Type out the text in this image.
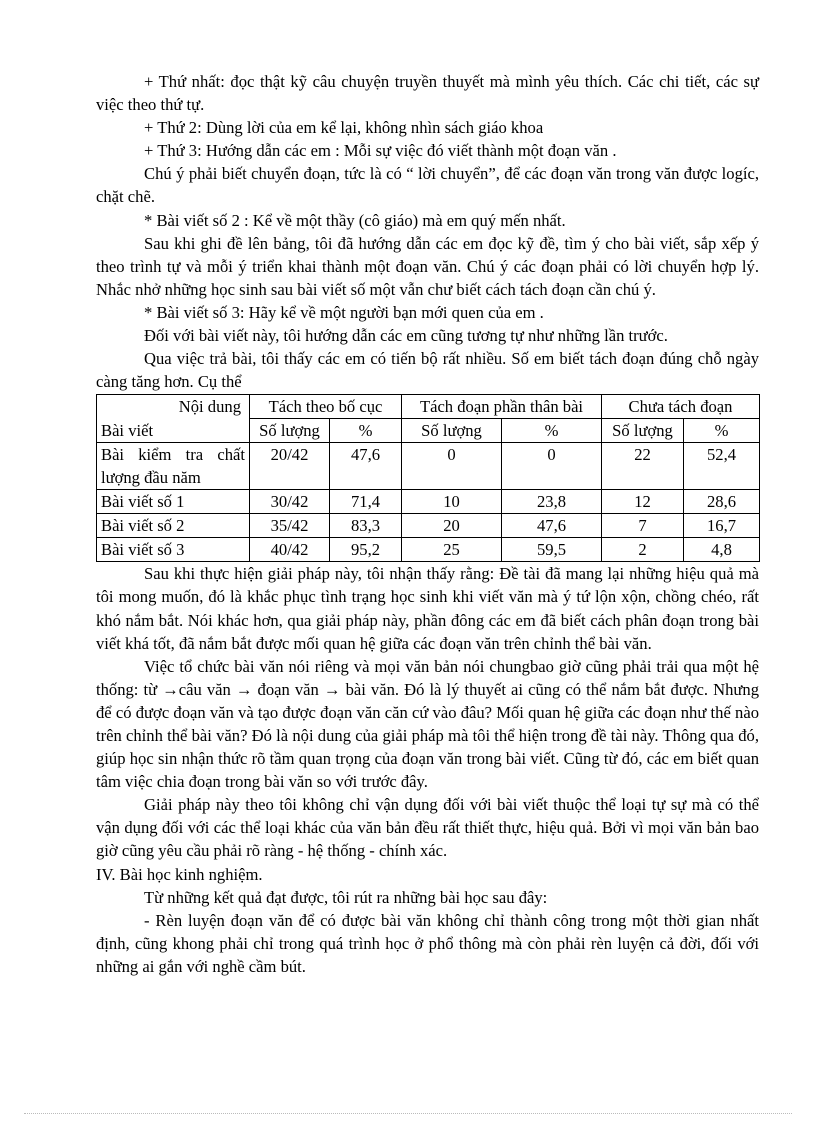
+ Thứ nhất: đọc thật kỹ câu chuyện truyền thuyết mà mình yêu thích. Các chi tiết, các sự việc theo thứ tự.

+ Thứ 2: Dùng lời của em kể lại, không nhìn sách giáo khoa

+ Thứ 3: Hướng dẫn các em : Mỗi sự việc đó viết thành một đoạn văn .

Chú ý phải biết chuyển đoạn, tức là có “ lời chuyển”, để các đoạn văn trong văn được logíc, chặt chẽ.

* Bài viết số 2 : Kể về một thầy (cô giáo) mà em quý mến nhất.

Sau khi ghi đề lên bảng, tôi đã hướng dẫn các em đọc kỹ đề, tìm ý cho bài viết, sắp xếp ý theo trình tự và mỗi ý triển khai thành một đoạn văn. Chú ý các đoạn phải có lời chuyển hợp lý. Nhắc nhở những học sinh sau bài viết số một vẫn chư biết cách tách đoạn cần chú ý.

* Bài viết số 3: Hãy kể về một người bạn mới quen của em .

Đối với bài viết này, tôi hướng dẫn các em cũng tương tự như những lần trước.

Qua việc trả bài, tôi thấy các em có tiến bộ rất nhiều. Số em biết tách đoạn đúng chỗ ngày càng tăng hơn. Cụ thể

Nội dung
Bài viết	Tách theo bố cục		Tách đoạn phần thân bài		Chưa tách đoạn	
	Số lượng	%	Số lượng	%	Số lượng	%
Bài kiểm tra chất lượng đầu năm	20/42	47,6	0	0	22	52,4
Bài viết số 1	30/42	71,4	10	23,8	12	28,6
Bài viết số 2	35/42	83,3	20	47,6	7	16,7
Bài viết số 3	40/42	95,2	25	59,5	2	4,8

Sau khi thực hiện giải pháp này, tôi nhận thấy rằng: Đề tài đã mang lại những hiệu quả mà tôi mong muốn, đó là khắc phục tình trạng học sinh khi viết văn mà ý tứ lộn xộn, chồng chéo, rất khó nắm bắt. Nói khác hơn, qua giải pháp này, phần đông các em đã biết cách phân đoạn trong bài viết khá tốt, đã nắm bắt được mối quan hệ giữa các đoạn văn trên chỉnh thể bài văn.

Việc tổ chức bài văn nói riêng và mọi văn bản nói chungbao giờ cũng phải trải qua một hệ thống: từ →câu văn → đoạn văn → bài văn. Đó là lý thuyết ai cũng có thể nắm bắt được. Nhưng để có được đoạn văn và tạo được đoạn văn căn cứ vào đâu? Mối quan hệ giữa các đoạn như thế nào trên chỉnh thể bài văn? Đó là nội dung của giải pháp mà tôi thể hiện trong đề tài này. Thông qua đó, giúp học sin nhận thức rõ tầm quan trọng của đoạn văn trong bài viết. Cũng từ đó, các em biết quan tâm việc chia đoạn trong bài văn so với trước đây.

Giải pháp này theo tôi không chỉ vận dụng đối với bài viết thuộc thể loại tự sự mà có thể vận dụng đối với các thể loại khác của văn bản đều rất thiết thực, hiệu quả. Bởi vì mọi văn bản bao giờ cũng yêu cầu phải rõ ràng - hệ thống - chính xác.

IV. Bài học kinh nghiệm.

Từ những kết quả đạt được, tôi rút ra những bài học sau đây:

- Rèn luyện đoạn văn để có được bài văn không chỉ thành công trong một thời gian nhất định, cũng khong phải chỉ trong quá trình học ở phổ thông mà còn phải rèn luyện cả đời, đối với những ai gắn với nghề cầm bút.
